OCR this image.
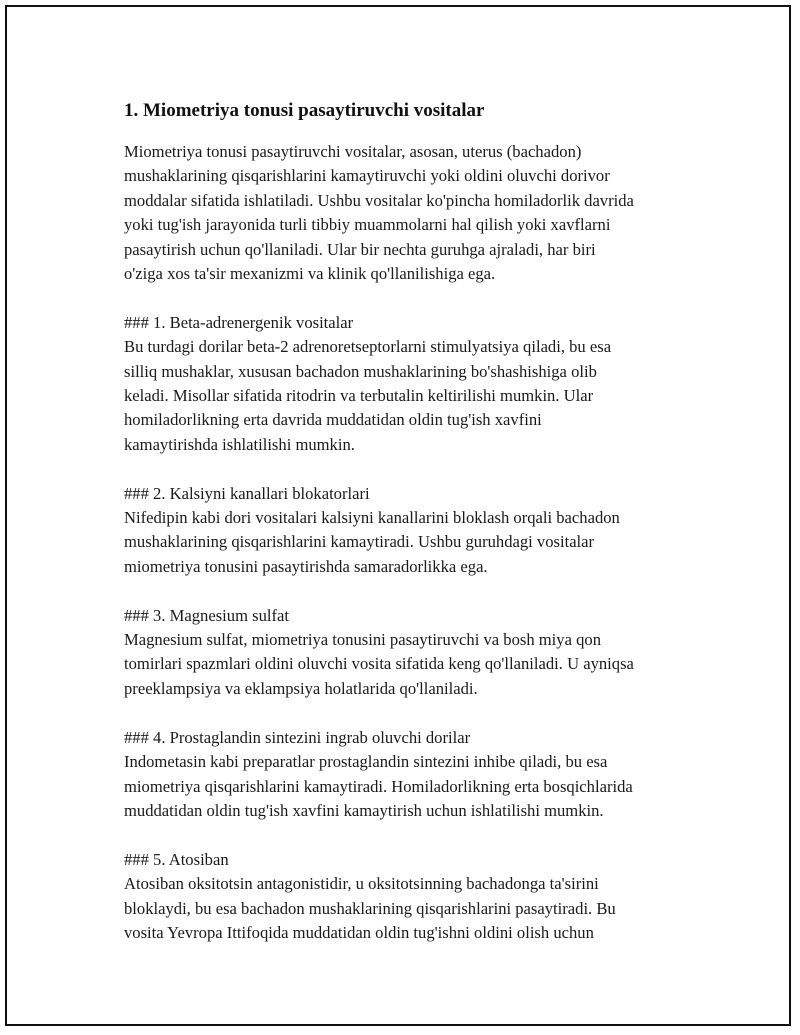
1. Miometriya tonusi pasaytiruvchi vositalar

Miometriya tonusi pasaytiruvchi vositalar, asosan, uterus (bachadon)
mushaklarining qisqarishlarini kamaytiruvchi yoki oldini oluvchi dorivor
moddalar sifatida ishlatiladi. Ushbu vositalar ko'pincha homiladorlik davrida
yoki tug'ish jarayonida turli tibbiy muammolarni hal qilish yoki xavflarni
pasaytirish uchun qo'llaniladi. Ular bir nechta guruhga ajraladi, har biri
o'ziga xos ta'sir mexanizmi va klinik qo'llanilishiga ega.

### 1. Beta-adrenergenik vositalar

Bu turdagi dorilar beta-2 adrenoretseptorlarni stimulyatsiya qiladi, bu esa
silliq mushaklar, xususan bachadon mushaklarining bo'shashishiga olib
keladi. Misollar sifatida ritodrin va terbutalin keltirilishi mumkin. Ular
homiladorlikning erta davrida muddatidan oldin tug'ish xavfini
kamaytirishda ishlatilishi mumkin.

### 2. Kalsiyni kanallari blokatorlari

Nifedipin kabi dori vositalari kalsiyni kanallarini bloklash orqali bachadon
mushaklarining qisqarishlarini kamaytiradi. Ushbu guruhdagi vositalar
miometriya tonusini pasaytirishda samaradorlikka ega.

### 3. Magnesium sulfat

Magnesium sulfat, miometriya tonusini pasaytiruvchi va bosh miya qon
tomirlari spazmlari oldini oluvchi vosita sifatida keng qo'llaniladi. U ayniqsa
preeklampsiya va eklampsiya holatlarida qo'llaniladi.

### 4. Prostaglandin sintezini ingrab oluvchi dorilar

Indometasin kabi preparatlar prostaglandin sintezini inhibe qiladi, bu esa
miometriya qisqarishlarini kamaytiradi. Homiladorlikning erta bosqichlarida
muddatidan oldin tug'ish xavfini kamaytirish uchun ishlatilishi mumkin.

### 5. Atosiban

Atosiban oksitotsin antagonistidir, u oksitotsinning bachadonga ta'sirini
bloklaydi, bu esa bachadon mushaklarining qisqarishlarini pasaytiradi. Bu
vosita Yevropa Ittifoqida muddatidan oldin tug'ishni oldini olish uchun
